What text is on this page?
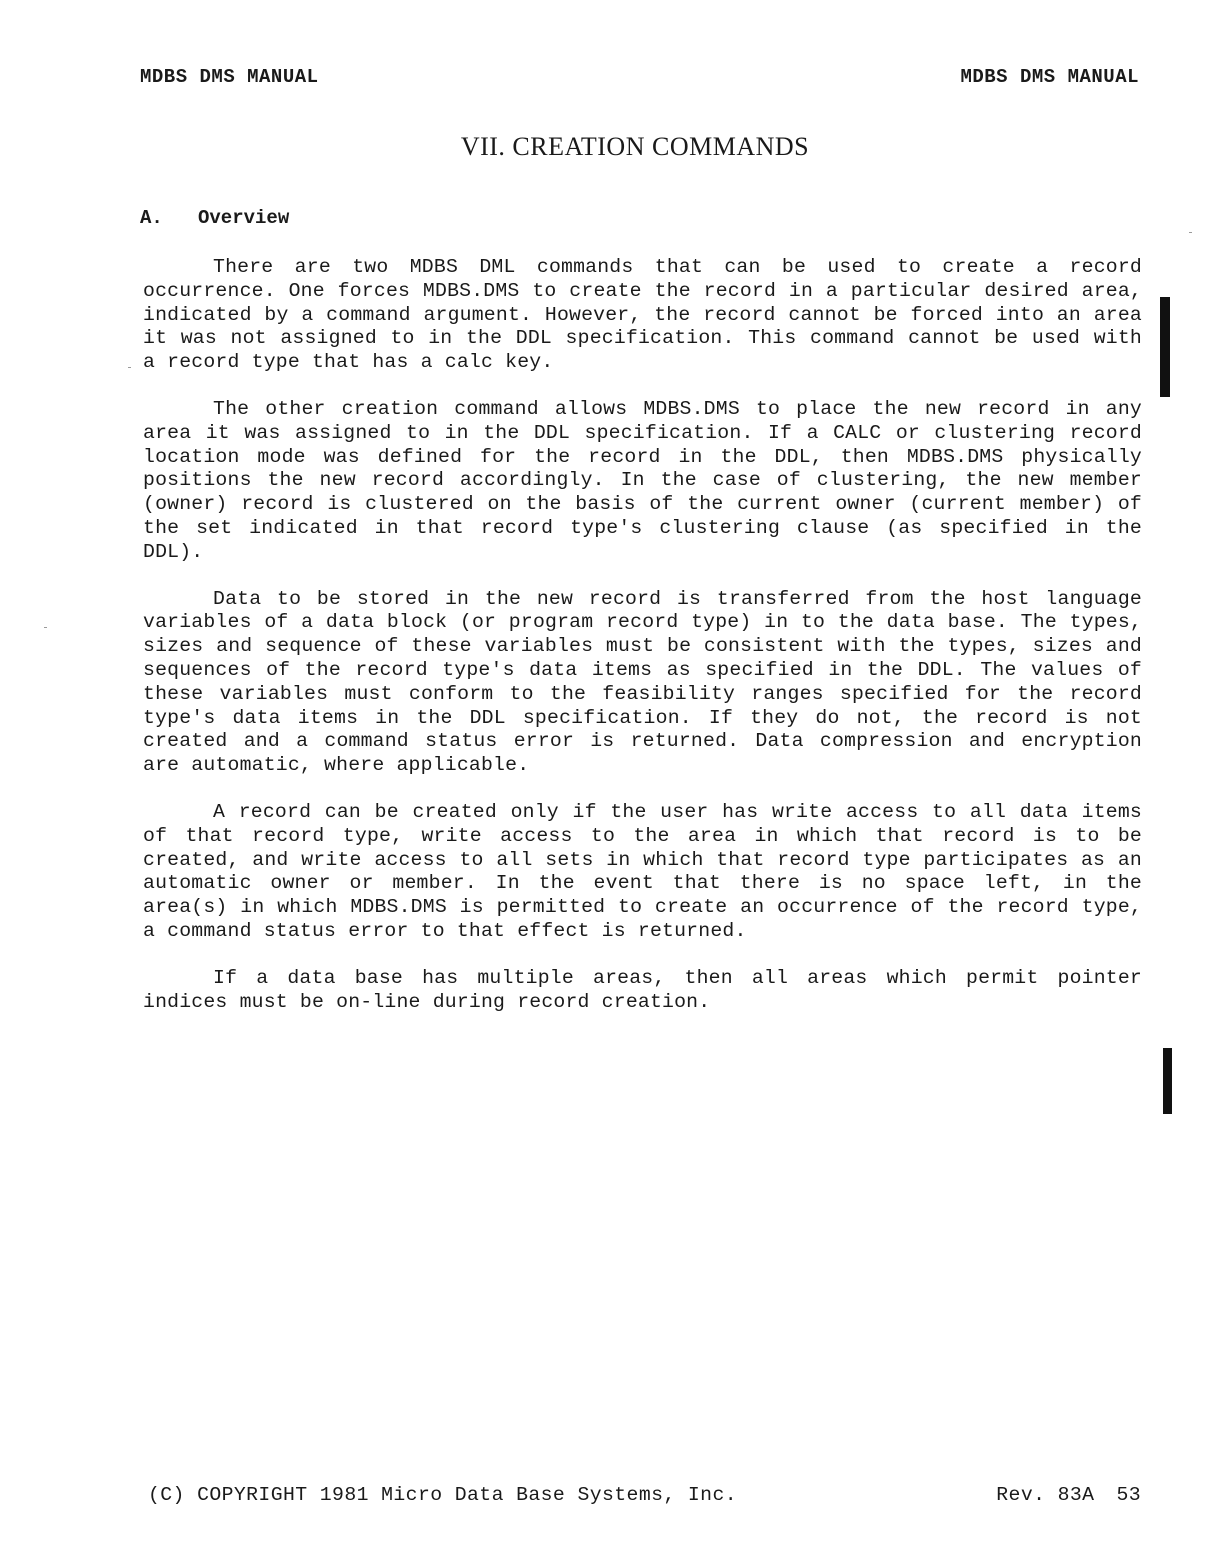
MDBS DMS MANUAL	MDBS DMS MANUAL
VII. CREATION COMMANDS
A. Overview

There are two MDBS DML commands that can be used to create a record occurrence. One forces MDBS.DMS to create the record in a particular desired area, indicated by a command argument. However, the record cannot be forced into an area it was not assigned to in the DDL specification. This command cannot be used with a record type that has a calc key.

The other creation command allows MDBS.DMS to place the new record in any area it was assigned to in the DDL specification. If a CALC or clustering record location mode was defined for the record in the DDL, then MDBS.DMS physically positions the new record accordingly. In the case of clustering, the new member (owner) record is clustered on the basis of the current owner (current member) of the set indicated in that record type's clustering clause (as specified in the DDL).

Data to be stored in the new record is transferred from the host language variables of a data block (or program record type) in to the data base. The types, sizes and sequence of these variables must be consistent with the types, sizes and sequences of the record type's data items as specified in the DDL. The values of these variables must conform to the feasibility ranges specified for the record type's data items in the DDL specification. If they do not, the record is not created and a command status error is returned. Data compression and encryption are automatic, where applicable.

A record can be created only if the user has write access to all data items of that record type, write access to the area in which that record is to be created, and write access to all sets in which that record type participates as an automatic owner or member. In the event that there is no space left, in the area(s) in which MDBS.DMS is permitted to create an occurrence of the record type, a command status error to that effect is returned.

If a data base has multiple areas, then all areas which permit pointer indices must be on-line during record creation.

(C) COPYRIGHT 1981 Micro Data Base Systems, Inc.	Rev. 83A 53
